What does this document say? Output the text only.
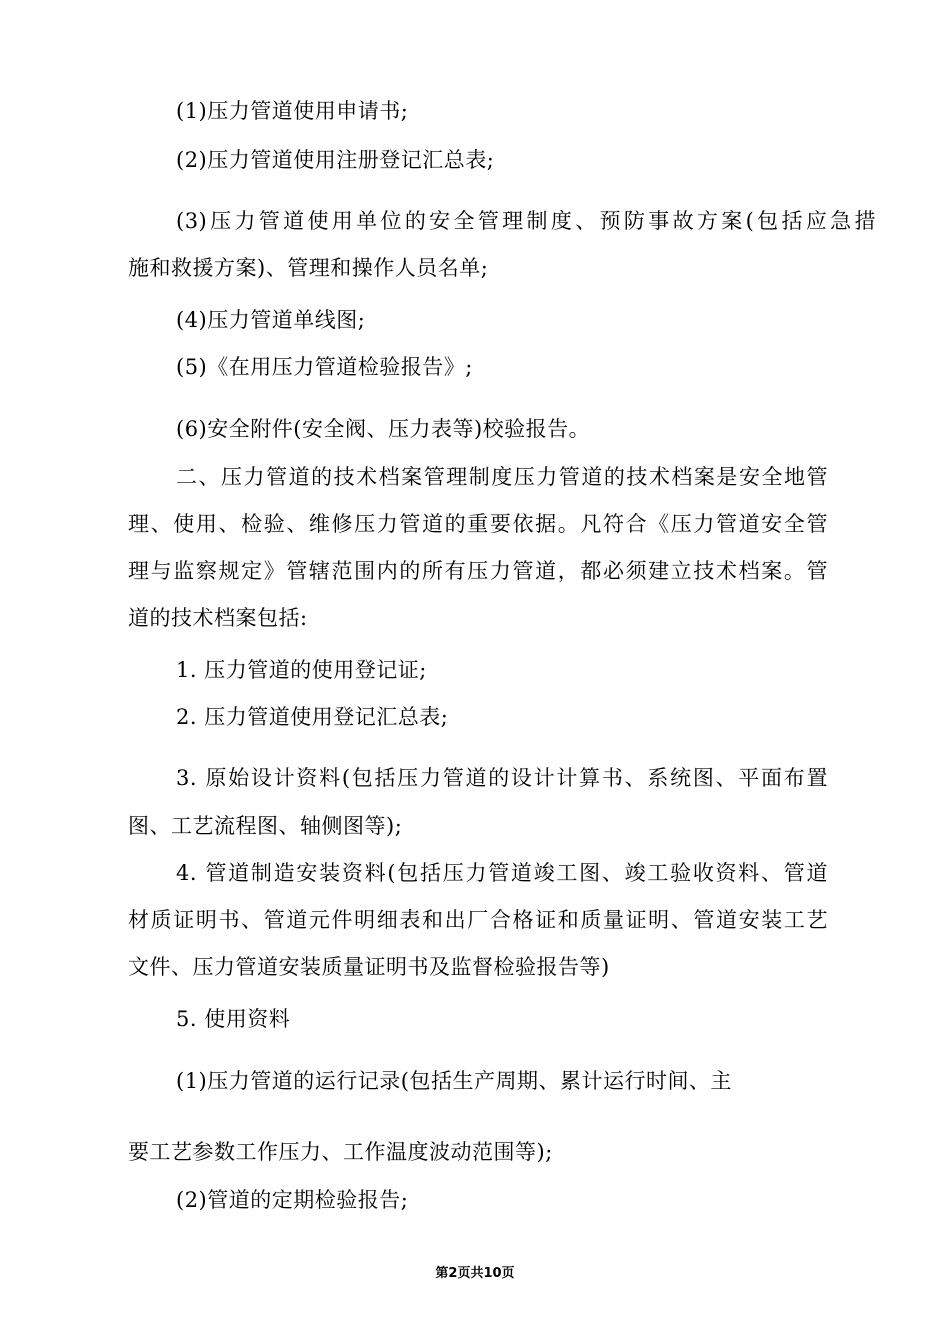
(1)压力管道使用申请书;
(2)压力管道使用注册登记汇总表;
(3)压力管道使用单位的安全管理制度、预防事故方案(包括应急措
施和救援方案)、管理和操作人员名单;
(4)压力管道单线图;
(5)《在用压力管道检验报告》;
(6)安全附件(安全阀、压力表等)校验报告。
二、压力管道的技术档案管理制度压力管道的技术档案是安全地管
理、使用、检验、维修压力管道的重要依据。凡符合《压力管道安全管
理与监察规定》管辖范围内的所有压力管道，都必须建立技术档案。管
道的技术档案包括:
1. 压力管道的使用登记证;
2. 压力管道使用登记汇总表;
3. 原始设计资料(包括压力管道的设计计算书、系统图、平面布置
图、工艺流程图、轴侧图等);
4. 管道制造安装资料(包括压力管道竣工图、竣工验收资料、管道
材质证明书、管道元件明细表和出厂合格证和质量证明、管道安装工艺
文件、压力管道安装质量证明书及监督检验报告等)
5. 使用资料
(1)压力管道的运行记录(包括生产周期、累计运行时间、主
要工艺参数工作压力、工作温度波动范围等);
(2)管道的定期检验报告;
第2页共10页
